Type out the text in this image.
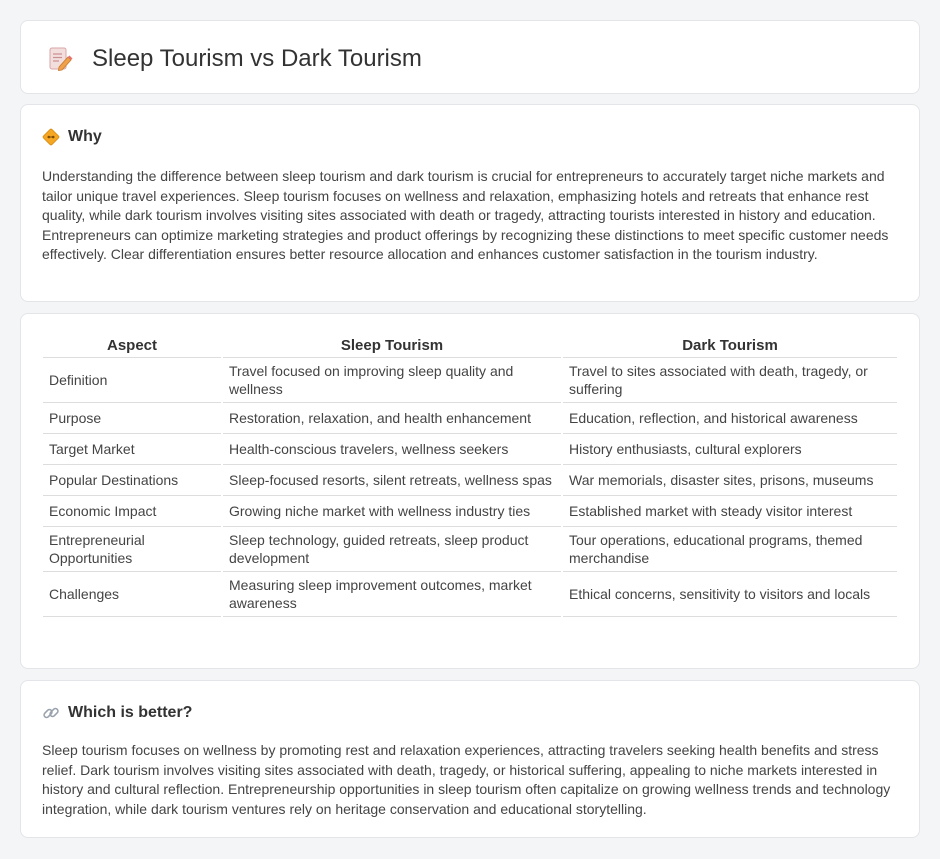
Sleep Tourism vs Dark Tourism
Why

Understanding the difference between sleep tourism and dark tourism is crucial for entrepreneurs to accurately target niche markets and tailor unique travel experiences. Sleep tourism focuses on wellness and relaxation, emphasizing hotels and retreats that enhance rest quality, while dark tourism involves visiting sites associated with death or tragedy, attracting tourists interested in history and education. Entrepreneurs can optimize marketing strategies and product offerings by recognizing these distinctions to meet specific customer needs effectively. Clear differentiation ensures better resource allocation and enhances customer satisfaction in the tourism industry.

Aspect	Sleep Tourism	Dark Tourism
Definition	Travel focused on improving sleep quality and wellness	Travel to sites associated with death, tragedy, or suffering
Purpose	Restoration, relaxation, and health enhancement	Education, reflection, and historical awareness
Target Market	Health-conscious travelers, wellness seekers	History enthusiasts, cultural explorers
Popular Destinations	Sleep-focused resorts, silent retreats, wellness spas	War memorials, disaster sites, prisons, museums
Economic Impact	Growing niche market with wellness industry ties	Established market with steady visitor interest
Entrepreneurial Opportunities	Sleep technology, guided retreats, sleep product development	Tour operations, educational programs, themed merchandise
Challenges	Measuring sleep improvement outcomes, market awareness	Ethical concerns, sensitivity to visitors and locals
Which is better?

Sleep tourism focuses on wellness by promoting rest and relaxation experiences, attracting travelers seeking health benefits and stress relief. Dark tourism involves visiting sites associated with death, tragedy, or historical suffering, appealing to niche markets interested in history and cultural reflection. Entrepreneurship opportunities in sleep tourism often capitalize on growing wellness trends and technology integration, while dark tourism ventures rely on heritage conservation and educational storytelling.
